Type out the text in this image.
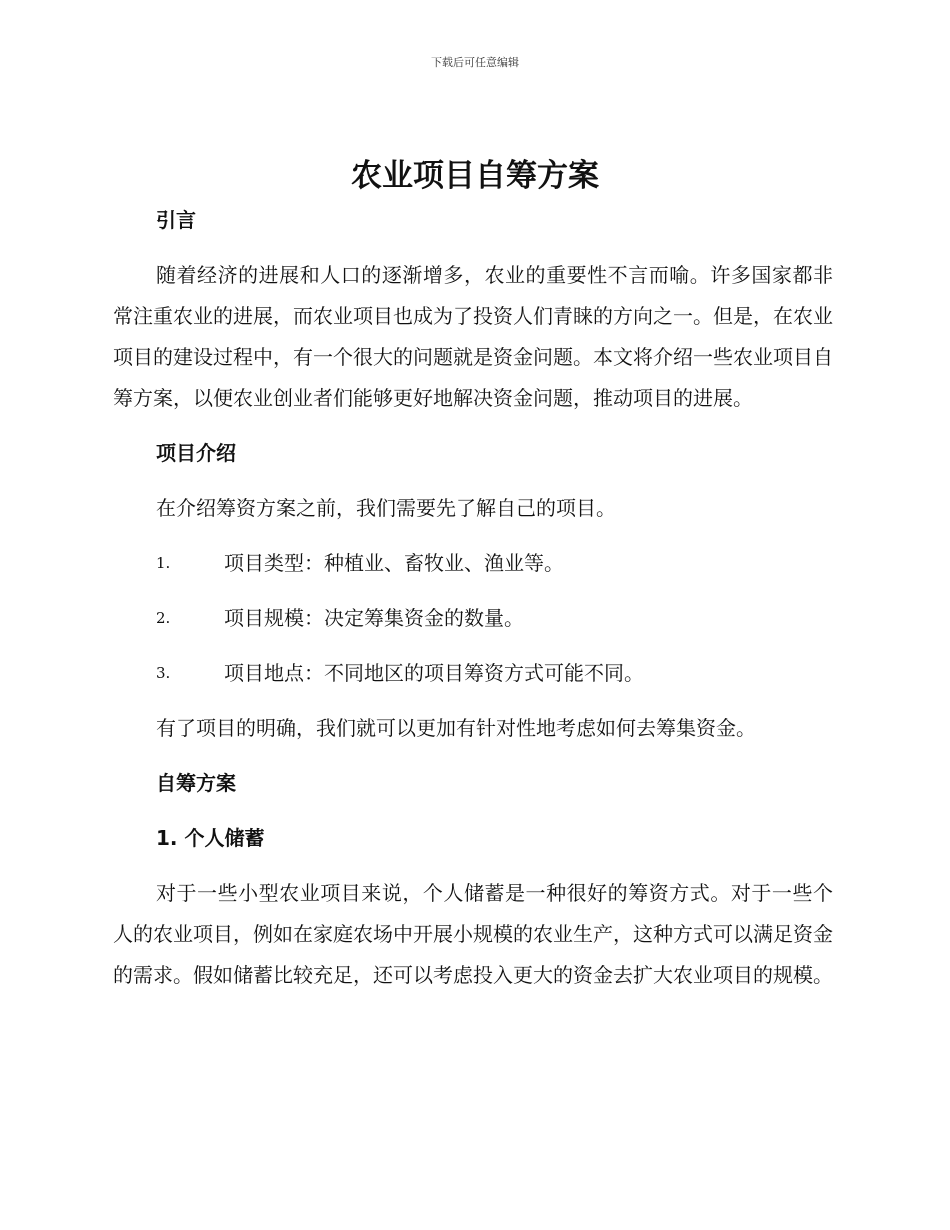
下载后可任意编辑
农业项目自筹方案
引言

随着经济的进展和人口的逐渐增多，农业的重要性不言而喻。许多国家都非常注重农业的进展，而农业项目也成为了投资人们青睐的方向之一。但是，在农业项目的建设过程中，有一个很大的问题就是资金问题。本文将介绍一些农业项目自筹方案，以便农业创业者们能够更好地解决资金问题，推动项目的进展。

项目介绍

在介绍筹资方案之前，我们需要先了解自己的项目。

1.	项目类型：种植业、畜牧业、渔业等。
2.	项目规模：决定筹集资金的数量。
3.	项目地点：不同地区的项目筹资方式可能不同。

有了项目的明确，我们就可以更加有针对性地考虑如何去筹集资金。

自筹方案
1. 个人储蓄

对于一些小型农业项目来说，个人储蓄是一种很好的筹资方式。对于一些个人的农业项目，例如在家庭农场中开展小规模的农业生产，这种方式可以满足资金的需求。假如储蓄比较充足，还可以考虑投入更大的资金去扩大农业项目的规模。
